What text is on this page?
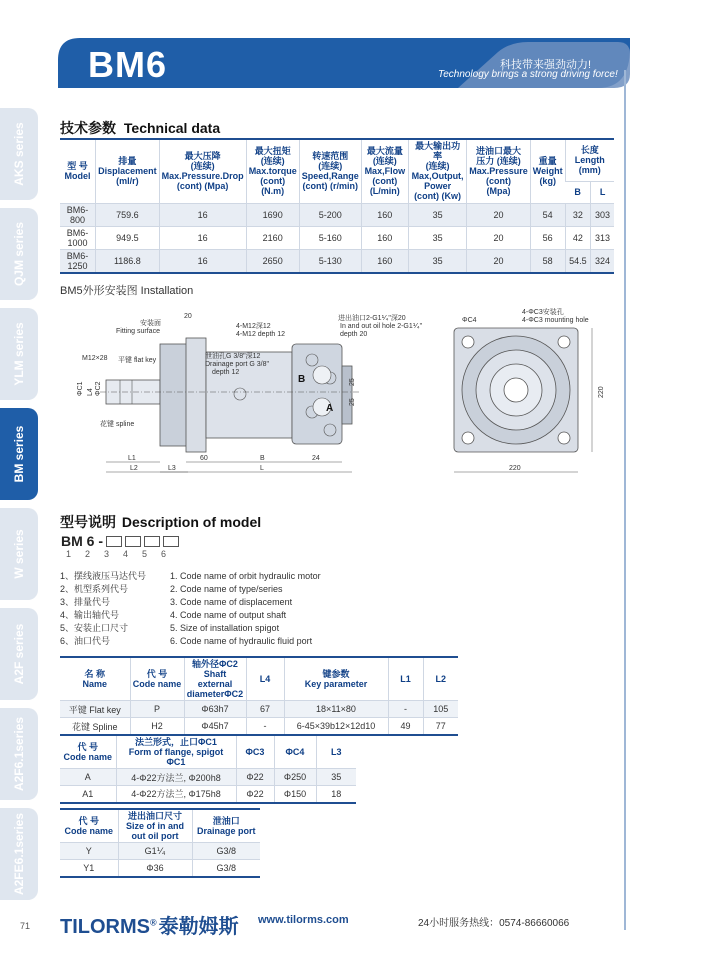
BM6	科技带来强劲动力!
Technology brings a strong driving force!
AKS series
QJM series
YLM series
BM series
W series
A2F series
A2F6.1series
A2FE6.1series
技术参数 Technical data
型 号
Model	排量
Displacement
(ml/r)	最大压降
(连续)
Max.Pressure.Drop
(cont) (Mpa)	最大扭矩
(连续)
Max.torque
(cont) (N.m)	转速范围
(连续)
Speed,Range
(cont) (r/min)	最大流量
(连续)
Max,Flow
(cont) (L/min)	最大输出功率
(连续)
Max,Output,
Power
(cont) (Kw)	进油口最大
压力 (连续)
Max.Pressure
(cont)
(Mpa)	重量
Weight
(kg)	长度
Length
(mm)	
									B	L
BM6-800	759.6	16	1690	5-200	160	35	20	54	32	303
BM6-1000	949.5	16	2160	5-160	160	35	20	56	42	313
BM6-1250	1186.8	16	2650	5-130	160	35	20	58	54.5	324
BM5外形安装图 Installation
B
A
安装面
Fitting surface
20
4-M12深12
4-M12 depth 12
泄油孔G 3/8"深12
Drainage port G 3/8"
depth 12
进出油口2-G1⅟₄"深20
In and out oil hole 2-G1⅟₄"
depth 20
M12×28 平键 flat key
花键 spline
ΦC1 L4 ΦC2	25
25
L1
L2	L3
60	B	24
L
ΦC4
4-ΦC3安装孔
4-ΦC3 mounting hole
220
220
型号说明 Description of model
BM 6 -
1 2 3 4 5 6
1、摆线液压马达代号
2、机型系列代号
3、排量代号
4、输出轴代号
5、安装止口尺寸
6、油口代号
1. Code name of orbit hydraulic motor
2. Code name of type/series
3. Code name of displacement
4. Code name of output shaft
5. Size of installation spigot
6. Code name of hydraulic fluid port
名 称
Name	代 号
Code name	轴外径ΦC2
Shaft external
diameterΦC2	L4	键参数
Key parameter	L1	L2
平键 Flat key	P	Φ63h7	67	18×11×80	-	105
花键 Spline	H2	Φ45h7	-	6-45×39b12×12d10	49	77
代 号
Code name	法兰形式，止口ΦC1
Form of flange, spigot ΦC1	ΦC3	ΦC4	L3
A	4-Φ22方法兰, Φ200h8	Φ22	Φ250	35
A1	4-Φ22方法兰, Φ175h8	Φ22	Φ150	18
代 号
Code name	进出油口尺寸
Size of in and
out oil port	泄油口
Drainage port
Y	G1⅟₄	G3/8
Y1	Φ36	G3/8
71 TILORMS® 泰勒姆斯 www.tilorms.com	24小时服务热线：0574-86660066
